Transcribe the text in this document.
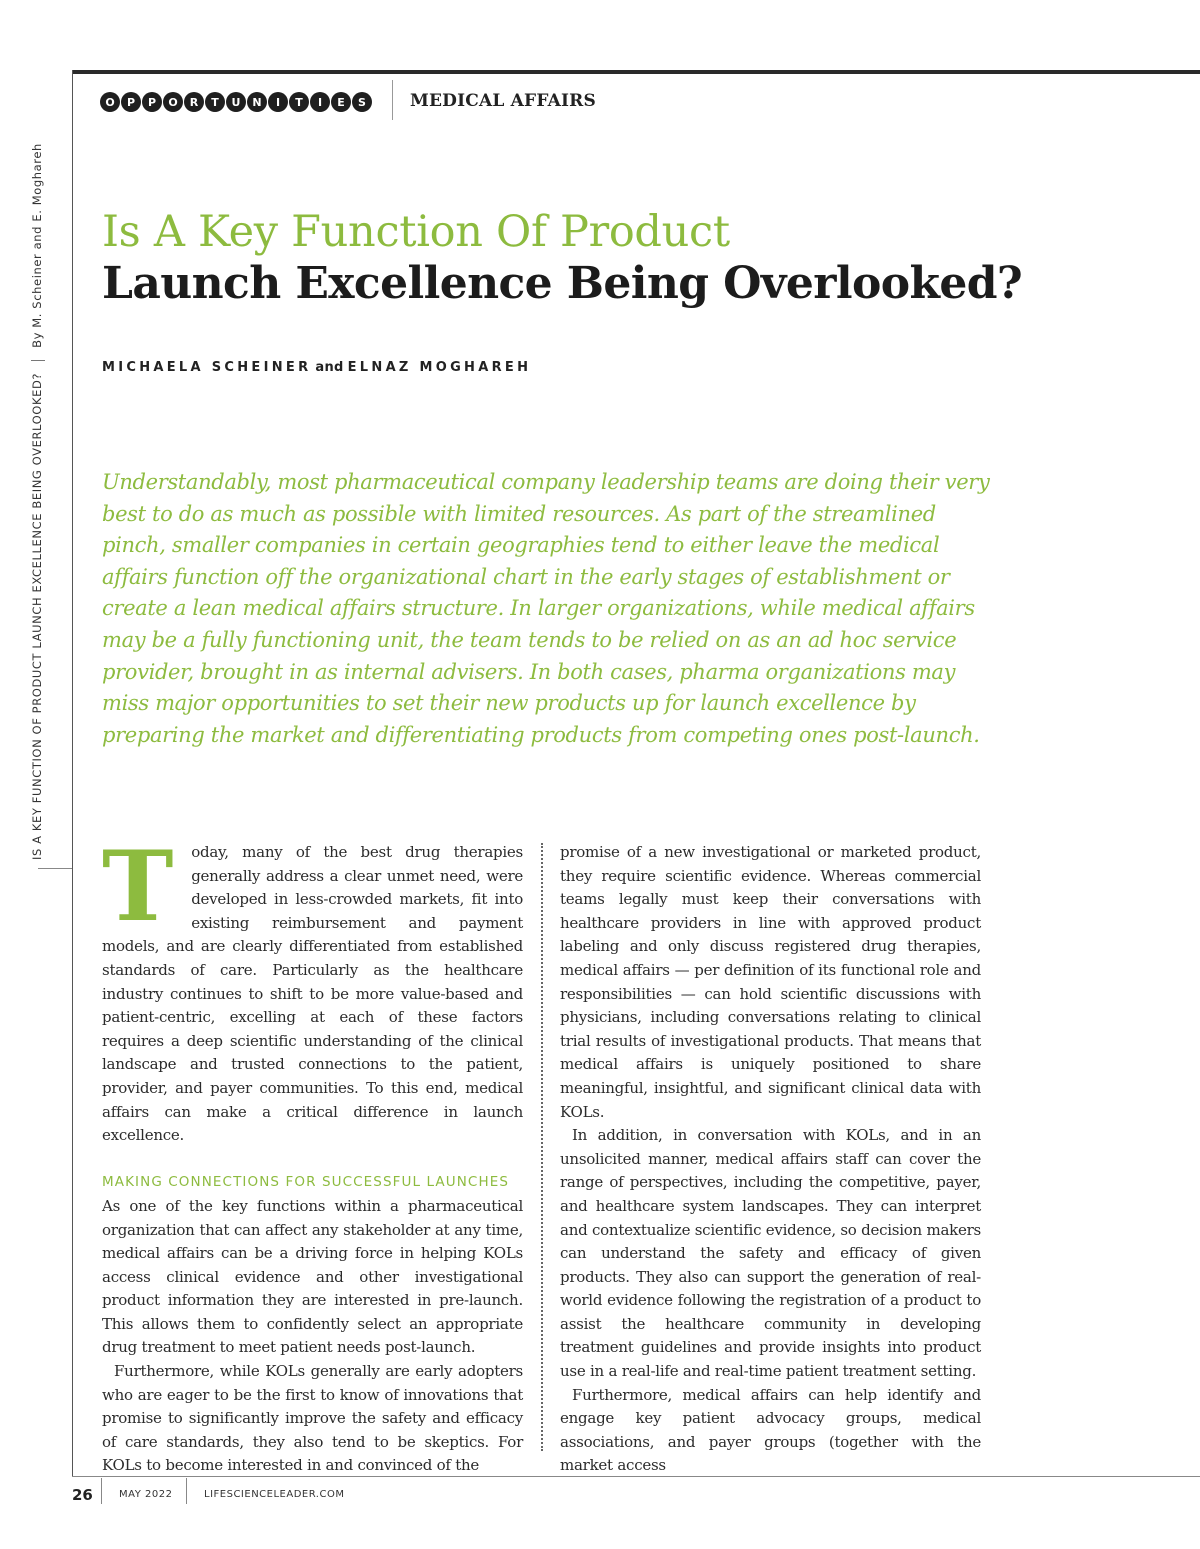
O	P	P	O	R	T	U	N	I	T	I	E	S	MEDICAL AFFAIRS
IS A KEY FUNCTION OF PRODUCT LAUNCH EXCELLENCE BEING OVERLOOKED?By M. Scheiner and E. Moghareh Is A Key Function Of Product
Launch Excellence Being Overlooked?
MICHAELA SCHEINER and ELNAZ MOGHAREH
Understandably, most pharmaceutical company leadership teams are doing their very best to do as much as possible with limited resources. As part of the streamlined pinch, smaller companies in certain geographies tend to either leave the medical affairs function off the organizational chart in the early stages of establishment or create a lean medical affairs structure. In larger organizations, while medical affairs may be a fully functioning unit, the team tends to be relied on as an ad hoc service provider, brought in as internal advisers. In both cases, pharma organizations may miss major opportunities to set their new products up for launch excellence by preparing the market and differentiating products from competing ones post-launch.

T oday, many of the best drug therapies generally address a clear unmet need, were developed in less-crowded markets, fit into existing reimbursement and payment models, and are clearly differentiated from established standards of care. Particularly as the healthcare industry continues to shift to be more value-based and patient-centric, excelling at each of these factors requires a deep scientific understanding of the clinical landscape and trusted connections to the patient, provider, and payer communities. To this end, medical affairs can make a critical difference in launch excellence.

MAKING CONNECTIONS FOR SUCCESSFUL LAUNCHES

As one of the key functions within a pharmaceutical organization that can affect any stakeholder at any time, medical affairs can be a driving force in helping KOLs access clinical evidence and other investigational product information they are interested in pre-launch. This allows them to confidently select an appropriate drug treatment to meet patient needs post-launch.

Furthermore, while KOLs generally are early adopters who are eager to be the first to know of innovations that promise to significantly improve the safety and efficacy of care standards, they also tend to be skeptics. For KOLs to become interested in and convinced of the

promise of a new investigational or marketed product, they require scientific evidence. Whereas commercial teams legally must keep their conversations with healthcare providers in line with approved product labeling and only discuss registered drug therapies, medical affairs — per definition of its functional role and responsibilities — can hold scientific discussions with physicians, including conversations relating to clinical trial results of investigational products. That means that medical affairs is uniquely positioned to share meaningful, insightful, and significant clinical data with KOLs.

In addition, in conversation with KOLs, and in an unsolicited manner, medical affairs staff can cover the range of perspectives, including the competitive, payer, and healthcare system landscapes. They can interpret and contextualize scientific evidence, so decision makers can understand the safety and efficacy of given products. They also can support the generation of real-world evidence following the registration of a product to assist the healthcare community in developing treatment guidelines and provide insights into product use in a real-life and real-time patient treatment setting.

Furthermore, medical affairs can help identify and engage key patient advocacy groups, medical associations, and payer groups (together with the market access

26	MAY 2022	LIFESCIENCELEADER.COM
